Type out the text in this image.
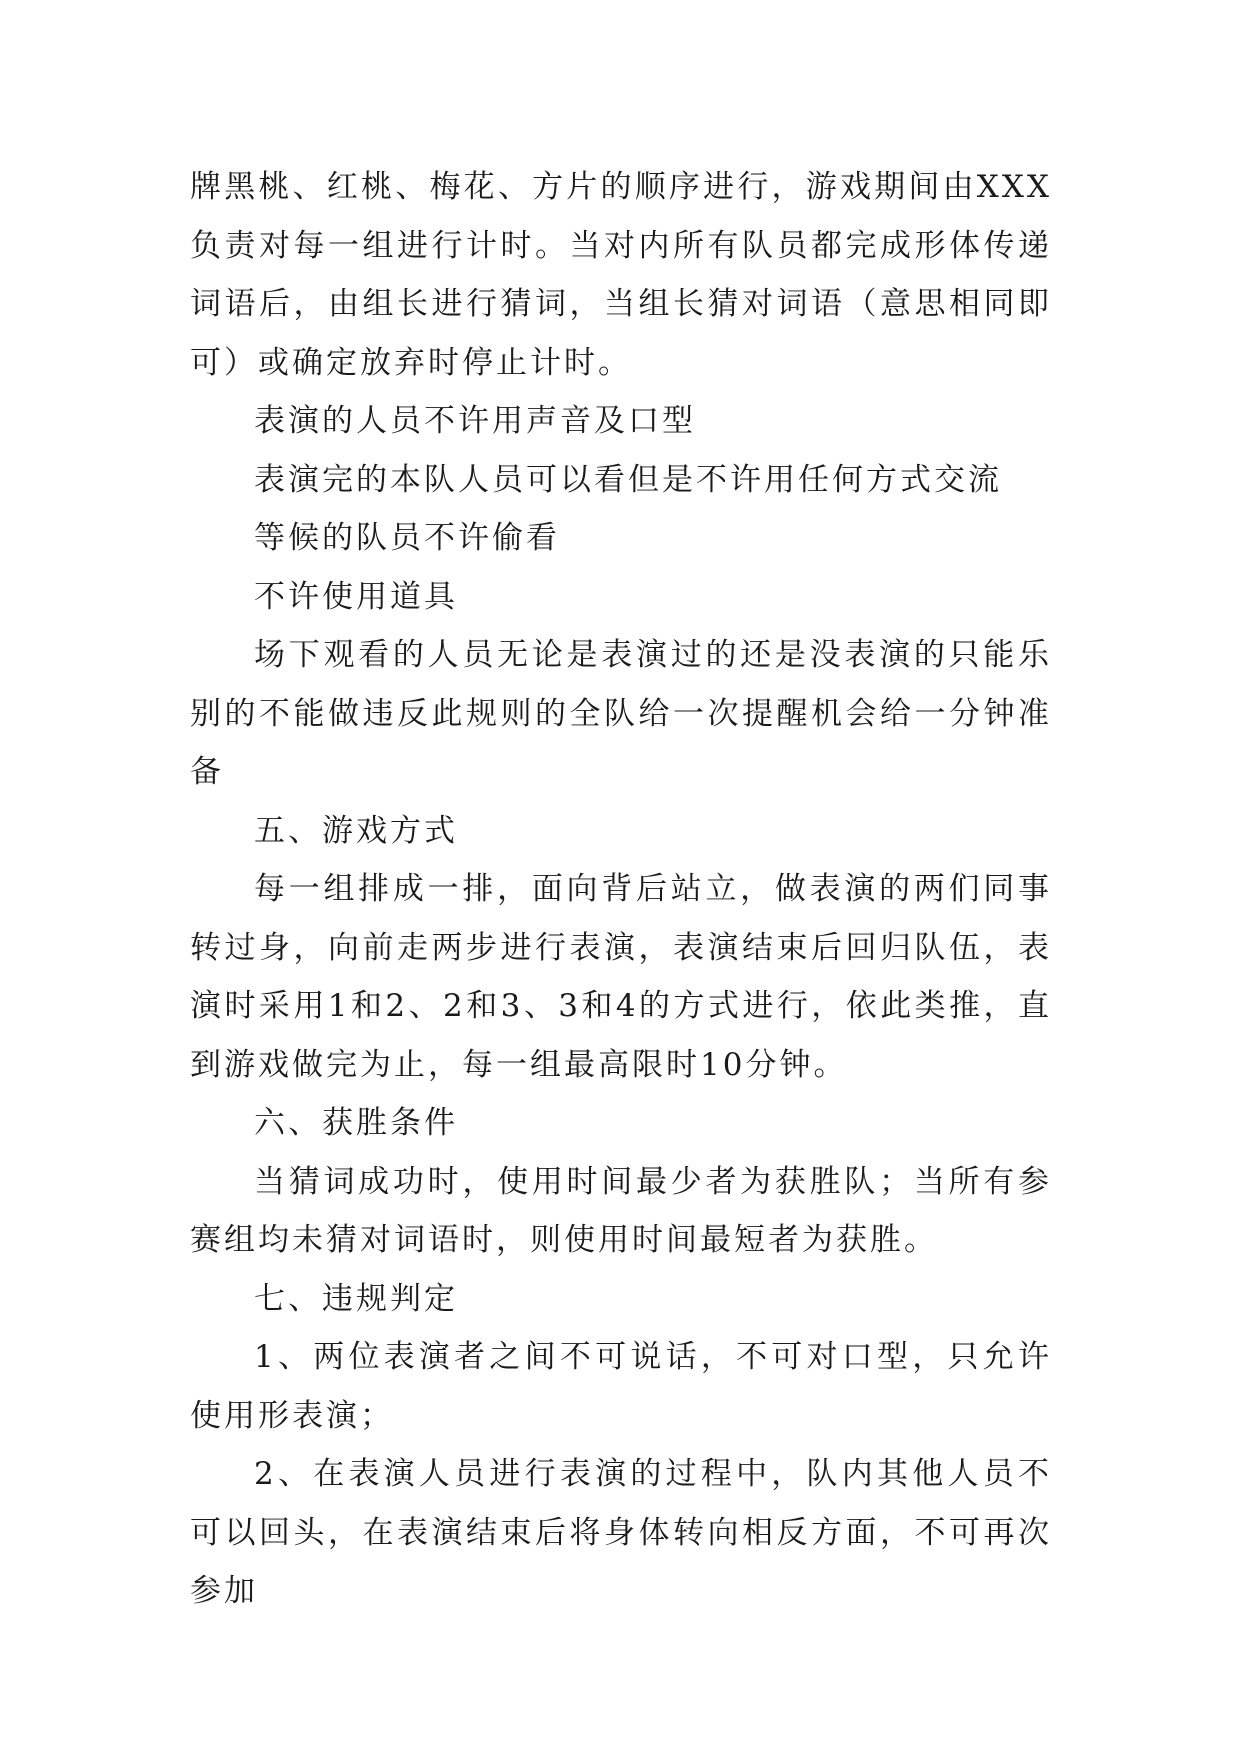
牌黑桃、红桃、梅花、方片的顺序进行，游戏期间由XXX负责对每一组进行计时。当对内所有队员都完成形体传递词语后，由组长进行猜词，当组长猜对词语（意思相同即可）或确定放弃时停止计时。

表演的人员不许用声音及口型

表演完的本队人员可以看但是不许用任何方式交流

等候的队员不许偷看

不许使用道具

场下观看的人员无论是表演过的还是没表演的只能乐别的不能做违反此规则的全队给一次提醒机会给一分钟准备

五、游戏方式

每一组排成一排，面向背后站立，做表演的两们同事转过身，向前走两步进行表演，表演结束后回归队伍，表演时采用1和2、2和3、3和4的方式进行，依此类推，直到游戏做完为止，每一组最高限时10分钟。

六、获胜条件

当猜词成功时，使用时间最少者为获胜队；当所有参赛组均未猜对词语时，则使用时间最短者为获胜。

七、违规判定

1、两位表演者之间不可说话，不可对口型，只允许使用形表演；

2、在表演人员进行表演的过程中，队内其他人员不可以回头，在表演结束后将身体转向相反方面，不可再次参加
